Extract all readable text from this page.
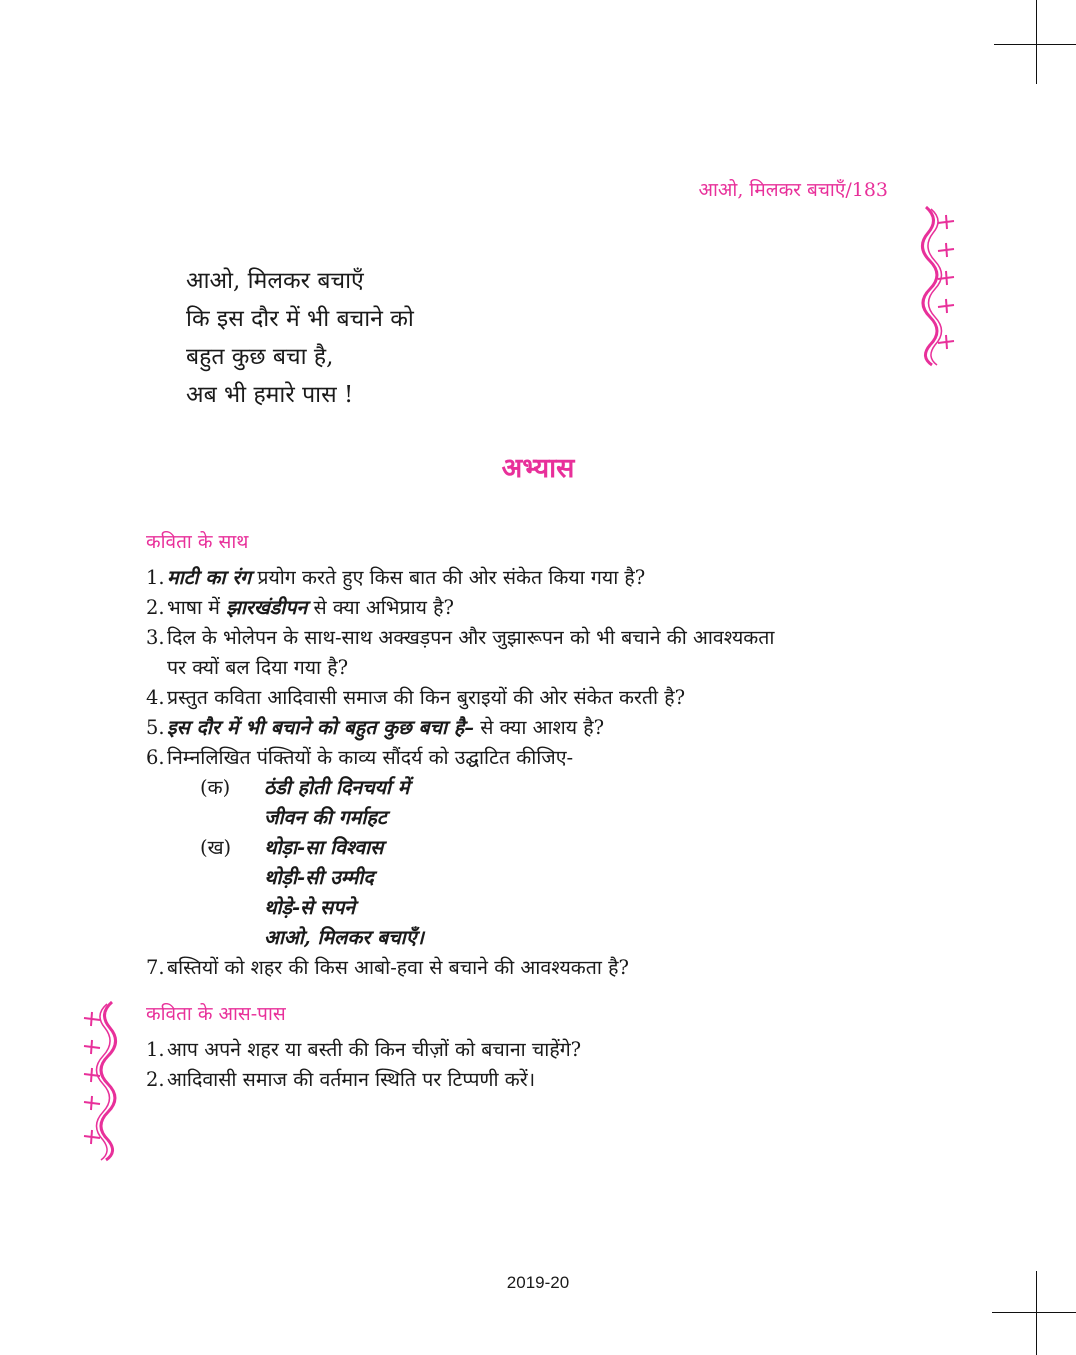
आओ, मिलकर बचाएँ/183
आओ, मिलकर बचाएँ
कि इस दौर में भी बचाने को
बहुत कुछ बचा है,
अब भी हमारे पास !
अभ्यास
कविता के साथ
1. माटी का रंग प्रयोग करते हुए किस बात की ओर संकेत किया गया है?
2. भाषा में झारखंडीपन से क्या अभिप्राय है?
3. दिल के भोलेपन के साथ-साथ अक्खड़पन और जुझारूपन को भी बचाने की आवश्यकता
पर क्यों बल दिया गया है?
4. प्रस्तुत कविता आदिवासी समाज की किन बुराइयों की ओर संकेत करती है?
5. इस दौर में भी बचाने को बहुत कुछ बचा है– से क्या आशय है?
6. निम्नलिखित पंक्तियों के काव्य सौंदर्य को उद्घाटित कीजिए-
(क)	ठंडी होती दिनचर्या में
जीवन की गर्माहट
(ख)	थोड़ा-सा विश्वास
थोड़ी-सी उम्मीद
थोड़े-से सपने
आओ, मिलकर बचाएँ।
7. बस्तियों को शहर की किस आबो-हवा से बचाने की आवश्यकता है?
कविता के आस-पास
1. आप अपने शहर या बस्ती की किन चीज़ों को बचाना चाहेंगे?
2. आदिवासी समाज की वर्तमान स्थिति पर टिप्पणी करें।
2019-20
